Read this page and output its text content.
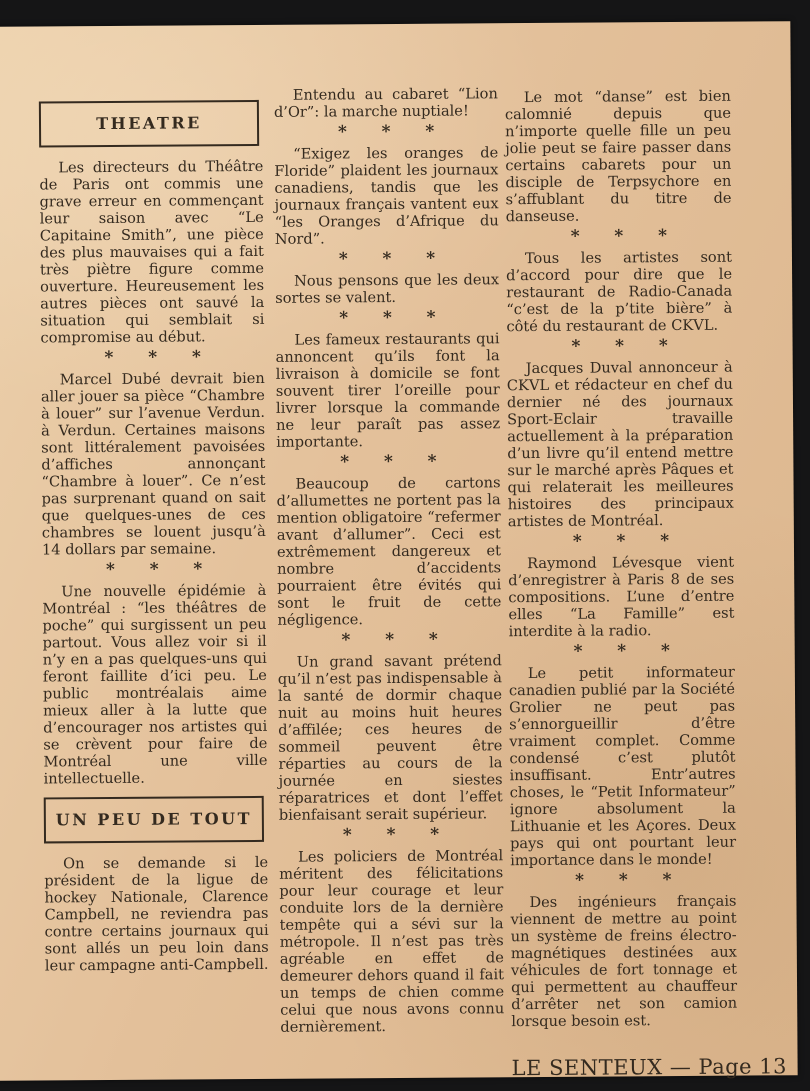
THEATRE

Les directeurs du Théâtre de Paris ont commis une grave erreur en commençant leur saison avec “Le Capitaine Smith”, une pièce des plus mauvaises qui a fait très piètre figure comme ouverture. Heureusement les autres pièces ont sauvé la situation qui semblait si compromise au début.

* * *

Marcel Dubé devrait bien aller jouer sa pièce “Chambre à louer” sur l’avenue Verdun. à Verdun. Certaines maisons sont littéralement pavoisées d’affiches annonçant “Chambre à louer”. Ce n’est pas surprenant quand on sait que quelques-unes de ces chambres se louent jusqu’à 14 dollars par semaine.

* * *

Une nouvelle épidémie à Montréal : “les théâtres de poche” qui surgissent un peu partout. Vous allez voir si il n’y en a pas quelques-uns qui feront faillite d’ici peu. Le public montréalais aime mieux aller à la lutte que d’encourager nos artistes qui se crèvent pour faire de Montréal une ville intellectuelle.

UN PEU DE TOUT

On se demande si le président de la ligue de hockey Nationale, Clarence Campbell, ne reviendra pas contre certains journaux qui sont allés un peu loin dans leur campagne anti-Campbell.

Entendu au cabaret “Lion d’Or”: la marche nuptiale!

* * *

“Exigez les oranges de Floride” plaident les journaux canadiens, tandis que les journaux français vantent eux “les Oranges d’Afrique du Nord”.

* * *

Nous pensons que les deux sortes se valent.

* * *

Les fameux restaurants qui annoncent qu’ils font la livraison à domicile se font souvent tirer l’oreille pour livrer lorsque la commande ne leur paraît pas assez importante.

* * *

Beaucoup de cartons d’allumettes ne portent pas la mention obligatoire “refermer avant d’allumer”. Ceci est extrêmement dangereux et nombre d’accidents pourraient être évités qui sont le fruit de cette négligence.

* * *

Un grand savant prétend qu’il n’est pas indispensable à la santé de dormir chaque nuit au moins huit heures d’affilée; ces heures de sommeil peuvent être réparties au cours de la journée en siestes réparatrices et dont l’effet bienfaisant serait supérieur.

* * *

Les policiers de Montréal méritent des félicitations pour leur courage et leur conduite lors de la dernière tempête qui a sévi sur la métropole. Il n’est pas très agréable en effet de demeurer dehors quand il fait un temps de chien comme celui que nous avons connu dernièrement.

Le mot “danse” est bien calomnié depuis que n’importe quelle fille un peu jolie peut se faire passer dans certains cabarets pour un disciple de Terpsychore en s’affublant du titre de danseuse.

* * *

Tous les artistes sont d’accord pour dire que le restaurant de Radio-Canada “c’est de la p’tite bière” à côté du restaurant de CKVL.

* * *

Jacques Duval annonceur à CKVL et rédacteur en chef du dernier né des journaux Sport-Eclair travaille actuellement à la préparation d’un livre qu’il entend mettre sur le marché après Pâques et qui relaterait les meilleures histoires des principaux artistes de Montréal.

* * *

Raymond Lévesque vient d’enregistrer à Paris 8 de ses compositions. L’une d’entre elles “La Famille” est interdite à la radio.

* * *

Le petit informateur canadien publié par la Société Grolier ne peut pas s’ennorgueillir d’être vraiment complet. Comme condensé c’est plutôt insuffisant. Entr’autres choses, le “Petit Informateur” ignore absolument la Lithuanie et les Açores. Deux pays qui ont pourtant leur importance dans le monde!

* * *

Des ingénieurs français viennent de mettre au point un système de freins électro-magnétiques destinées aux véhicules de fort tonnage et qui permettent au chauffeur d’arrêter net son camion lorsque besoin est.

LE SENTEUX — Page 13
